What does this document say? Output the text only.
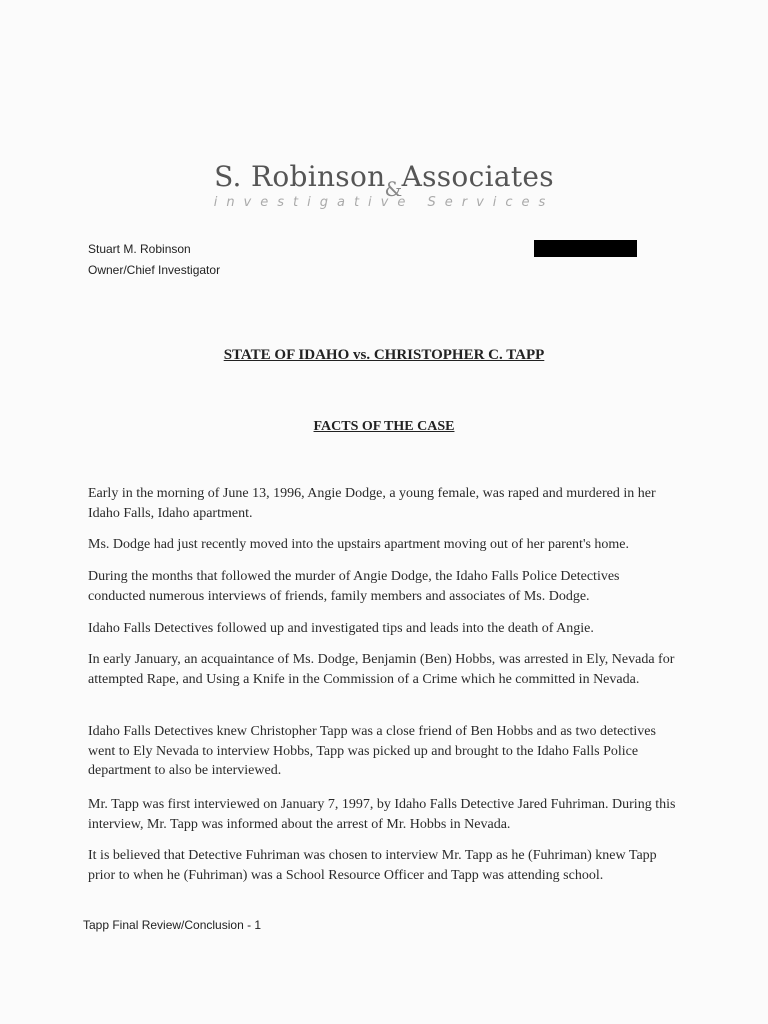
S. Robinson$_{\&}$Associates
investigative Services
Stuart M. Robinson
Owner/Chief Investigator
STATE OF IDAHO vs. CHRISTOPHER C. TAPP
FACTS OF THE CASE

Early in the morning of June 13, 1996, Angie Dodge, a young female, was raped and murdered in her Idaho Falls, Idaho apartment.

Ms. Dodge had just recently moved into the upstairs apartment moving out of her parent's home.

During the months that followed the murder of Angie Dodge, the Idaho Falls Police Detectives conducted numerous interviews of friends, family members and associates of Ms. Dodge.

Idaho Falls Detectives followed up and investigated tips and leads into the death of Angie.

In early January, an acquaintance of Ms. Dodge, Benjamin (Ben) Hobbs, was arrested in Ely, Nevada for attempted Rape, and Using a Knife in the Commission of a Crime which he committed in Nevada.

Idaho Falls Detectives knew Christopher Tapp was a close friend of Ben Hobbs and as two detectives went to Ely Nevada to interview Hobbs, Tapp was picked up and brought to the Idaho Falls Police department to also be interviewed.

Mr. Tapp was first interviewed on January 7, 1997, by Idaho Falls Detective Jared Fuhriman. During this interview, Mr. Tapp was informed about the arrest of Mr. Hobbs in Nevada.

It is believed that Detective Fuhriman was chosen to interview Mr. Tapp as he (Fuhriman) knew Tapp prior to when he (Fuhriman) was a School Resource Officer and Tapp was attending school.

Tapp Final Review/Conclusion - 1
